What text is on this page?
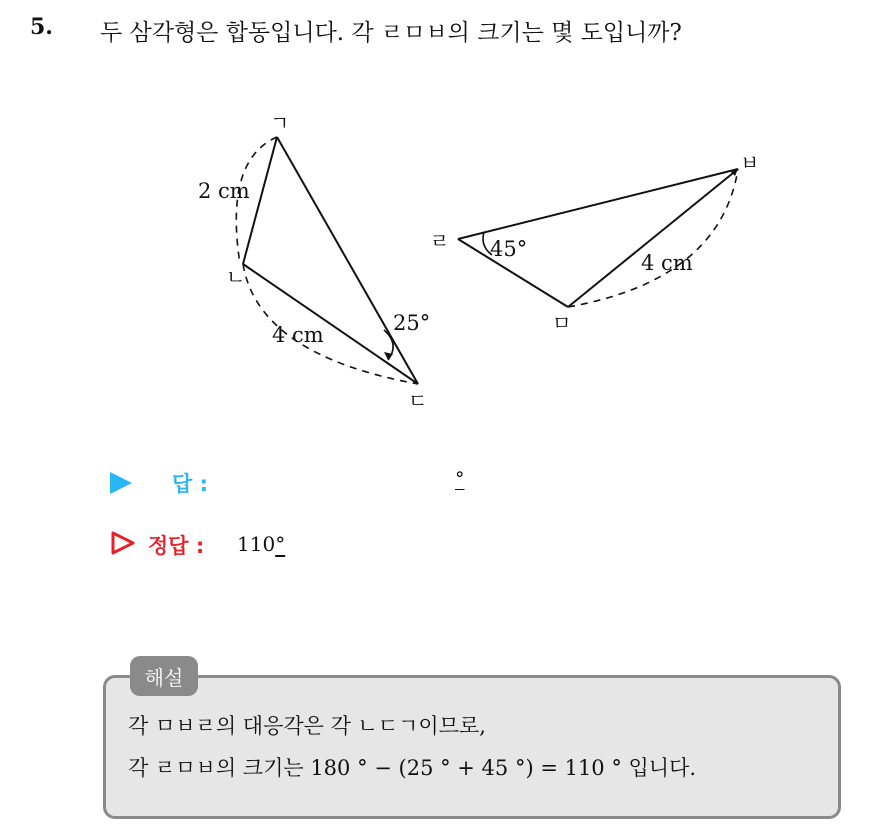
5. 두 삼각형은 합동입니다. 각 ㄹㅁㅂ의 크기는 몇 도입니까?
ㄱ
ㄴ
ㄷ
2 cm
4 cm	25°
ㄹ
ㅁ
ㅂ
45°
4 cm
답 :	°
정답 : 110°
해설
각 ㅁㅂㄹ의 대응각은 각 ㄴㄷㄱ이므로,
각 ㄹㅁㅂ의 크기는 180 ° − (25 ° + 45 °) = 110 ° 입니다.
